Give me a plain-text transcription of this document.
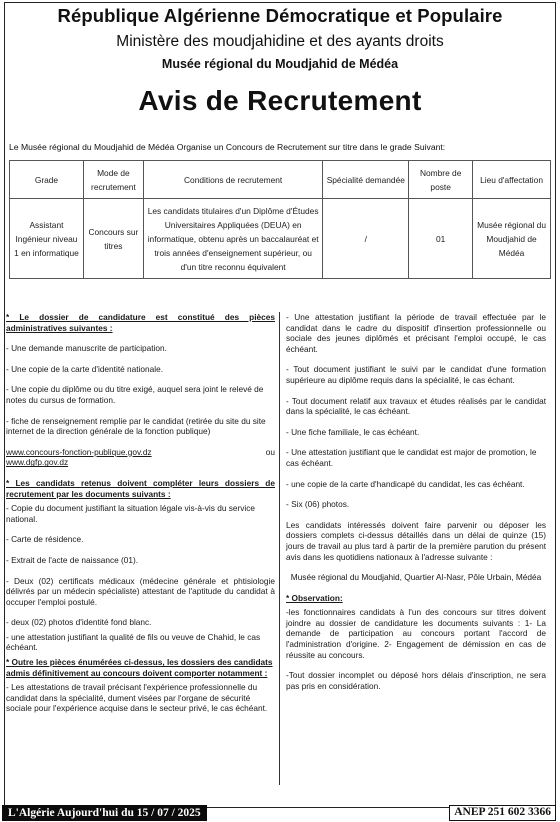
République Algérienne Démocratique et Populaire
Ministère des moudjahidine et des ayants droits
Musée régional du Moudjahid de Médéa
Avis de Recrutement
Le Musée régional du Moudjahid de Médéa Organise un Concours de Recrutement sur titre dans le grade Suivant:
Grade	Mode de recrutement	Conditions de recrutement	Spécialité demandée	Nombre de poste	Lieu d'affectation
Assistant Ingénieur niveau 1 en informatique	Concours sur titres	Les candidats titulaires d'un Diplôme d'Études Universitaires Appliquées (DEUA) en informatique, obtenu après un baccalauréat et trois années d'enseignement supérieur, ou d'un titre reconnu équivalent	/	01	Musée régional du Moudjahid de Médéa

* Le dossier de candidature est constitué des pièces administratives suivantes :

- Une demande manuscrite de participation.

- Une copie de la carte d'identité nationale.

- Une copie du diplôme ou du titre exigé, auquel sera joint le relevé de notes du cursus de formation.

- fiche de renseignement remplie par le candidat (retirée du site du site internet de la direction générale de la fonction publique)

www.concours-fonction-publique.gov.dz	ou

www.dgfp.gov.dz

* Les candidats retenus doivent compléter leurs dossiers de recrutement par les documents suivants :

- Copie du document justifiant la situation légale vis-à-vis du service national.

- Carte de résidence.

- Extrait de l'acte de naissance (01).

- Deux (02) certificats médicaux (médecine générale et phtisiologie délivrés par un médecin spécialiste) attestant de l'aptitude du candidat à occuper l'emploi postulé.

- deux (02) photos d'identité fond blanc.

- une attestation justifiant la qualité de fils ou veuve de Chahid, le cas échéant.

* Outre les pièces énumérées ci-dessus, les dossiers des candidats admis définitivement au concours doivent comporter notamment :

- Les attestations de travail précisant l'expérience professionnelle du candidat dans la spécialité, dument visées par l'organe de sécurité sociale pour l'expérience acquise dans le secteur privé, le cas échéant.

- Une attestation justifiant la période de travail effectuée par le candidat dans le cadre du dispositif d'insertion professionnelle ou sociale des jeunes diplômés et précisant l'emploi occupé, le cas échéant.

- Tout document justifiant le suivi par le candidat d'une formation supérieure au diplôme requis dans la spécialité, le cas échant.

- Tout document relatif aux travaux et études réalisés par le candidat dans la spécialité, le cas échéant.

- Une fiche familiale, le cas échéant.

- Une attestation justifiant que le candidat est major de promotion, le cas échéant.

- une copie de la carte d'handicapé du candidat, les cas échéant.

- Six (06) photos.

Les candidats intéressés doivent faire parvenir ou déposer les dossiers complets ci-dessus détaillés dans un délai de quinze (15) jours de travail au plus tard à partir de la première parution du présent avis dans les quotidiens nationaux à l'adresse suivante :

Musée régional du Moudjahid, Quartier Al-Nasr, Pôle Urbain, Médéa

* Observation:

-les fonctionnaires candidats à l'un des concours sur titres doivent joindre au dossier de candidature les documents suivants : 1- La demande de participation au concours portant l'accord de l'administration d'origine. 2- Engagement de démission en cas de réussite au concours.

-Tout dossier incomplet ou déposé hors délais d'inscription, ne sera pas pris en considération.

L'Algérie Aujourd'hui du 15 / 07 / 2025	ANEP 251 602 3366
